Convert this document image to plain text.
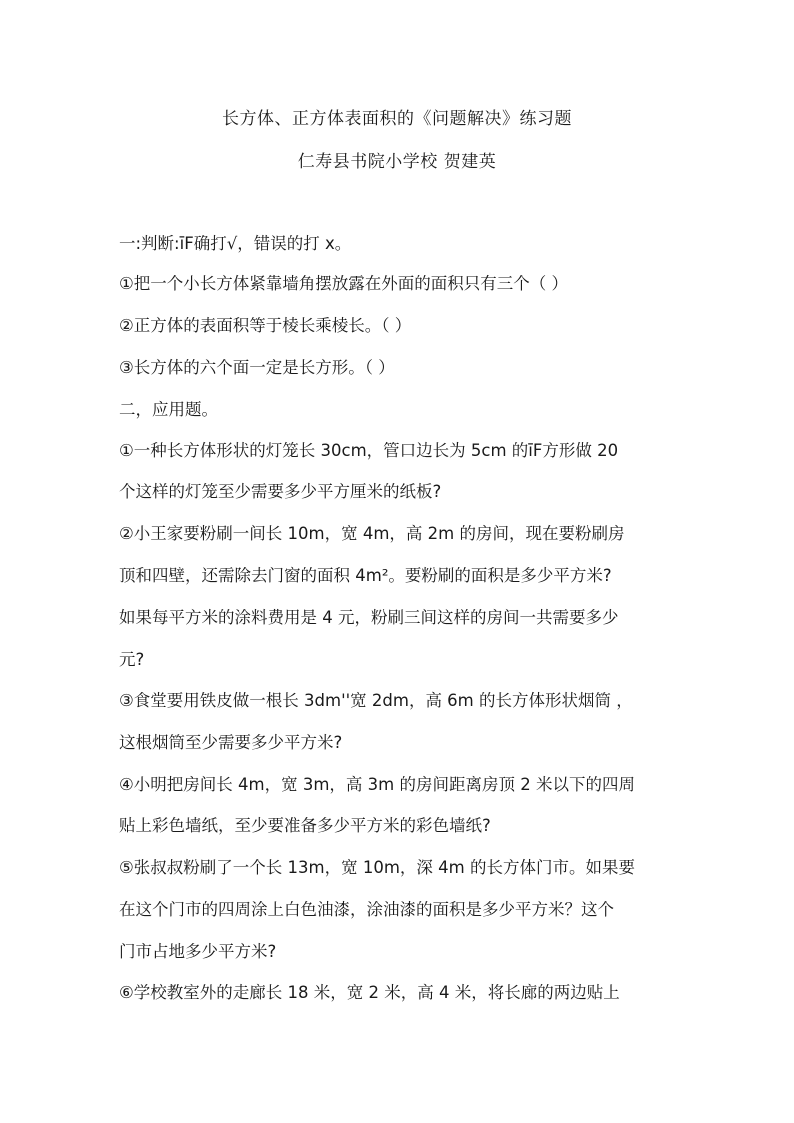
长方体、正方体表面积的《问题解决》练习题
仁寿县书院小学校 贺建英
一:判断:īF确打√，错误的打 x。
①把一个小长方体紧靠墙角摆放露在外面的面积只有三个（ ）
②正方体的表面积等于棱长乘棱长。（ ）
③长方体的六个面一定是长方形。（ ）
二，应用题。
①一种长方体形状的灯笼长 30cm，管口边长为 5cm 的īF方形做 20
个这样的灯笼至少需要多少平方厘米的纸板?
②小王家要粉刷一间长 10m，宽 4m，高 2m 的房间，现在要粉刷房
顶和四壁，还需除去门窗的面积 4m²。要粉刷的面积是多少平方米?
如果每平方米的涂料费用是 4 元，粉刷三间这样的房间一共需要多少
元?
③食堂要用铁皮做一根长 3dm''宽 2dm，高 6m 的长方体形状烟筒 ，
这根烟筒至少需要多少平方米?
④小明把房间长 4m，宽 3m，高 3m 的房间距离房顶 2 米以下的四周
贴上彩色墙纸，至少要准备多少平方米的彩色墙纸?
⑤张叔叔粉刷了一个长 13m，宽 10m，深 4m 的长方体门市。如果要
在这个门市的四周涂上白色油漆，涂油漆的面积是多少平方米？这个
门市占地多少平方米?
⑥学校教室外的走廊长 18 米，宽 2 米，高 4 米，将长廊的两边贴上
